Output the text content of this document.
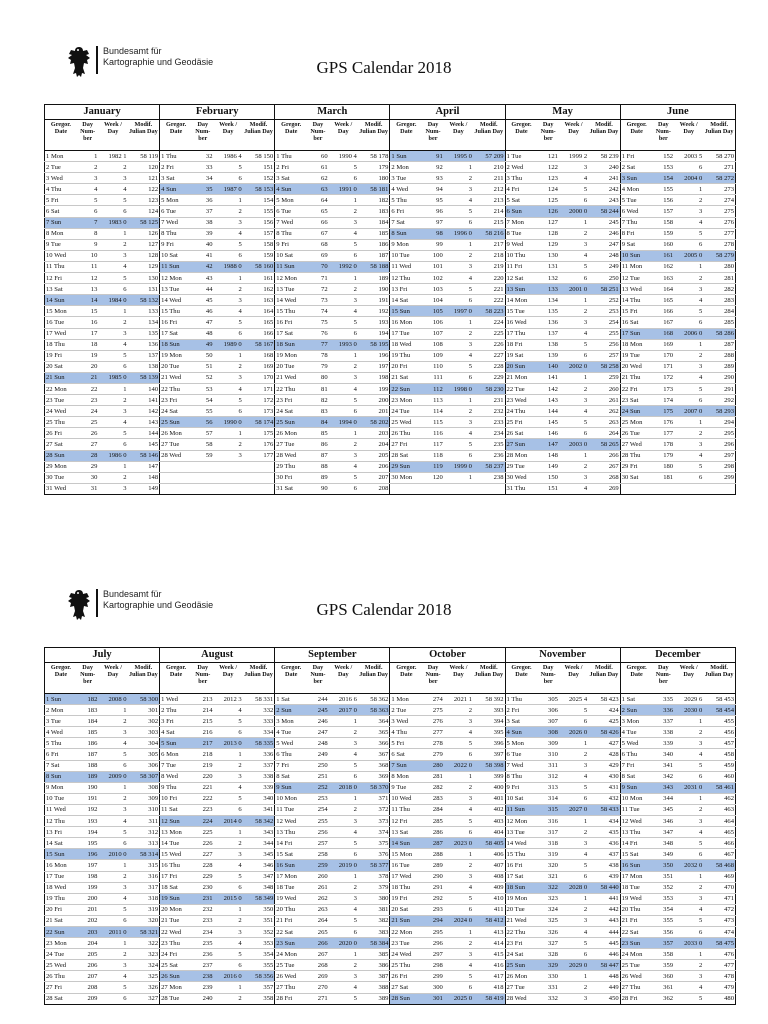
Bundesamt für
Kartographie und Geodäsie	GPS Calendar 2018
January				February				March				April				May				June			
Gregor. Date	Day Num- ber	Week / Day	Modif. Julian Day	Gregor. Date	Day Num- ber	Week / Day	Modif. Julian Day	Gregor. Date	Day Num- ber	Week / Day	Modif. Julian Day	Gregor. Date	Day Num- ber	Week / Day	Modif. Julian Day	Gregor. Date	Day Num- ber	Week / Day	Modif. Julian Day	Gregor. Date	Day Num- ber	Week / Day	Modif. Julian Day
1 Mon	1	1982 1	58 119	1 Thu	32	1986 4	58 150	1 Thu	60	1990 4	58 178	1 Sun	91	1995 0	57 209	1 Tue	121	1999 2	58 239	1 Fri	152	2003 5	58 270
2 Tue	2	2	120	2 Fri	33	5	151	2 Fri	61	5	179	2 Mon	92	1	210	2 Wed	122	3	240	2 Sat	153	6	271
3 Wed	3	3	121	3 Sat	34	6	152	3 Sat	62	6	180	3 Tue	93	2	211	3 Thu	123	4	241	3 Sun	154	2004 0	58 272
4 Thu	4	4	122	4 Sun	35	1987 0	58 153	4 Sun	63	1991 0	58 181	4 Wed	94	3	212	4 Fri	124	5	242	4 Mon	155	1	273
5 Fri	5	5	123	5 Mon	36	1	154	5 Mon	64	1	182	5 Thu	95	4	213	5 Sat	125	6	243	5 Tue	156	2	274
6 Sat	6	6	124	6 Tue	37	2	155	6 Tue	65	2	183	6 Fri	96	5	214	6 Sun	126	2000 0	58 244	6 Wed	157	3	275
7 Sun	7	1983 0	58 125	7 Wed	38	3	156	7 Wed	66	3	184	7 Sat	97	6	215	7 Mon	127	1	245	7 Thu	158	4	276
8 Mon	8	1	126	8 Thu	39	4	157	8 Thu	67	4	185	8 Sun	98	1996 0	58 216	8 Tue	128	2	246	8 Fri	159	5	277
9 Tue	9	2	127	9 Fri	40	5	158	9 Fri	68	5	186	9 Mon	99	1	217	9 Wed	129	3	247	9 Sat	160	6	278
10 Wed	10	3	128	10 Sat	41	6	159	10 Sat	69	6	187	10 Tue	100	2	218	10 Thu	130	4	248	10 Sun	161	2005 0	58 279
11 Thu	11	4	129	11 Sun	42	1988 0	58 160	11 Sun	70	1992 0	58 188	11 Wed	101	3	219	11 Fri	131	5	249	11 Mon	162	1	280
12 Fri	12	5	130	12 Mon	43	1	161	12 Mon	71	1	189	12 Thu	102	4	220	12 Sat	132	6	250	12 Tue	163	2	281
13 Sat	13	6	131	13 Tue	44	2	162	13 Tue	72	2	190	13 Fri	103	5	221	13 Sun	133	2001 0	58 251	13 Wed	164	3	282
14 Sun	14	1984 0	58 132	14 Wed	45	3	163	14 Wed	73	3	191	14 Sat	104	6	222	14 Mon	134	1	252	14 Thu	165	4	283
15 Mon	15	1	133	15 Thu	46	4	164	15 Thu	74	4	192	15 Sun	105	1997 0	58 223	15 Tue	135	2	253	15 Fri	166	5	284
16 Tue	16	2	134	16 Fri	47	5	165	16 Fri	75	5	193	16 Mon	106	1	224	16 Wed	136	3	254	16 Sat	167	6	285
17 Wed	17	3	135	17 Sat	48	6	166	17 Sat	76	6	194	17 Tue	107	2	225	17 Thu	137	4	255	17 Sun	168	2006 0	58 286
18 Thu	18	4	136	18 Sun	49	1989 0	58 167	18 Sun	77	1993 0	58 195	18 Wed	108	3	226	18 Fri	138	5	256	18 Mon	169	1	287
19 Fri	19	5	137	19 Mon	50	1	168	19 Mon	78	1	196	19 Thu	109	4	227	19 Sat	139	6	257	19 Tue	170	2	288
20 Sat	20	6	138	20 Tue	51	2	169	20 Tue	79	2	197	20 Fri	110	5	228	20 Sun	140	2002 0	58 258	20 Wed	171	3	289
21 Sun	21	1985 0	58 139	21 Wed	52	3	170	21 Wed	80	3	198	21 Sat	111	6	229	21 Mon	141	1	259	21 Thu	172	4	290
22 Mon	22	1	140	22 Thu	53	4	171	22 Thu	81	4	199	22 Sun	112	1998 0	58 230	22 Tue	142	2	260	22 Fri	173	5	291
23 Tue	23	2	141	23 Fri	54	5	172	23 Fri	82	5	200	23 Mon	113	1	231	23 Wed	143	3	261	23 Sat	174	6	292
24 Wed	24	3	142	24 Sat	55	6	173	24 Sat	83	6	201	24 Tue	114	2	232	24 Thu	144	4	262	24 Sun	175	2007 0	58 293
25 Thu	25	4	143	25 Sun	56	1990 0	58 174	25 Sun	84	1994 0	58 202	25 Wed	115	3	233	25 Fri	145	5	263	25 Mon	176	1	294
26 Fri	26	5	144	26 Mon	57	1	175	26 Mon	85	1	203	26 Thu	116	4	234	26 Sat	146	6	264	26 Tue	177	2	295
27 Sat	27	6	145	27 Tue	58	2	176	27 Tue	86	2	204	27 Fri	117	5	235	27 Sun	147	2003 0	58 265	27 Wed	178	3	296
28 Sun	28	1986 0	58 146	28 Wed	59	3	177	28 Wed	87	3	205	28 Sat	118	6	236	28 Mon	148	1	266	28 Thu	179	4	297
29 Mon	29	1	147					29 Thu	88	4	206	29 Sun	119	1999 0	58 237	29 Tue	149	2	267	29 Fri	180	5	298
30 Tue	30	2	148					30 Fri	89	5	207	30 Mon	120	1	238	30 Wed	150	3	268	30 Sat	181	6	299
31 Wed	31	3	149					31 Sat	90	6	208					31 Thu	151	4	269				
Bundesamt für
Kartographie und Geodäsie	GPS Calendar 2018
July				August				September				October				November				December			
Gregor. Date	Day Num- ber	Week / Day	Modif. Julian Day	Gregor. Date	Day Num- ber	Week / Day	Modif. Julian Day	Gregor. Date	Day Num- ber	Week / Day	Modif. Julian Day	Gregor. Date	Day Num- ber	Week / Day	Modif. Julian Day	Gregor. Date	Day Num- ber	Week / Day	Modif. Julian Day	Gregor. Date	Day Num- ber	Week / Day	Modif. Julian Day
1 Sun	182	2008 0	58 300	1 Wed	213	2012 3	58 331	1 Sat	244	2016 6	58 362	1 Mon	274	2021 1	58 392	1 Thu	305	2025 4	58 423	1 Sat	335	2029 6	58 453
2 Mon	183	1	301	2 Thu	214	4	332	2 Sun	245	2017 0	58 363	2 Tue	275	2	393	2 Fri	306	5	424	2 Sun	336	2030 0	58 454
3 Tue	184	2	302	3 Fri	215	5	333	3 Mon	246	1	364	3 Wed	276	3	394	3 Sat	307	6	425	3 Mon	337	1	455
4 Wed	185	3	303	4 Sat	216	6	334	4 Tue	247	2	365	4 Thu	277	4	395	4 Sun	308	2026 0	58 426	4 Tue	338	2	456
5 Thu	186	4	304	5 Sun	217	2013 0	58 335	5 Wed	248	3	366	5 Fri	278	5	396	5 Mon	309	1	427	5 Wed	339	3	457
6 Fri	187	5	305	6 Mon	218	1	336	6 Thu	249	4	367	6 Sat	279	6	397	6 Tue	310	2	428	6 Thu	340	4	458
7 Sat	188	6	306	7 Tue	219	2	337	7 Fri	250	5	368	7 Sun	280	2022 0	58 398	7 Wed	311	3	429	7 Fri	341	5	459
8 Sun	189	2009 0	58 307	8 Wed	220	3	338	8 Sat	251	6	369	8 Mon	281	1	399	8 Thu	312	4	430	8 Sat	342	6	460
9 Mon	190	1	308	9 Thu	221	4	339	9 Sun	252	2018 0	58 370	9 Tue	282	2	400	9 Fri	313	5	431	9 Sun	343	2031 0	58 461
10 Tue	191	2	309	10 Fri	222	5	340	10 Mon	253	1	371	10 Wed	283	3	401	10 Sat	314	6	432	10 Mon	344	1	462
11 Wed	192	3	310	11 Sat	223	6	341	11 Tue	254	2	372	11 Thu	284	4	402	11 Sun	315	2027 0	58 433	11 Tue	345	2	463
12 Thu	193	4	311	12 Sun	224	2014 0	58 342	12 Wed	255	3	373	12 Fri	285	5	403	12 Mon	316	1	434	12 Wed	346	3	464
13 Fri	194	5	312	13 Mon	225	1	343	13 Thu	256	4	374	13 Sat	286	6	404	13 Tue	317	2	435	13 Thu	347	4	465
14 Sat	195	6	313	14 Tue	226	2	344	14 Fri	257	5	375	14 Sun	287	2023 0	58 405	14 Wed	318	3	436	14 Fri	348	5	466
15 Sun	196	2010 0	58 314	15 Wed	227	3	345	15 Sat	258	6	376	15 Mon	288	1	406	15 Thu	319	4	437	15 Sat	349	6	467
16 Mon	197	1	315	16 Thu	228	4	346	16 Sun	259	2019 0	58 377	16 Tue	289	2	407	16 Fri	320	5	438	16 Sun	350	2032 0	58 468
17 Tue	198	2	316	17 Fri	229	5	347	17 Mon	260	1	378	17 Wed	290	3	408	17 Sat	321	6	439	17 Mon	351	1	469
18 Wed	199	3	317	18 Sat	230	6	348	18 Tue	261	2	379	18 Thu	291	4	409	18 Sun	322	2028 0	58 440	18 Tue	352	2	470
19 Thu	200	4	318	19 Sun	231	2015 0	58 349	19 Wed	262	3	380	19 Fri	292	5	410	19 Mon	323	1	441	19 Wed	353	3	471
20 Fri	201	5	319	20 Mon	232	1	350	20 Thu	263	4	381	20 Sat	293	6	411	20 Tue	324	2	442	20 Thu	354	4	472
21 Sat	202	6	320	21 Tue	233	2	351	21 Fri	264	5	382	21 Sun	294	2024 0	58 412	21 Wed	325	3	443	21 Fri	355	5	473
22 Sun	203	2011 0	58 321	22 Wed	234	3	352	22 Sat	265	6	383	22 Mon	295	1	413	22 Thu	326	4	444	22 Sat	356	6	474
23 Mon	204	1	322	23 Thu	235	4	353	23 Sun	266	2020 0	58 384	23 Tue	296	2	414	23 Fri	327	5	445	23 Sun	357	2033 0	58 475
24 Tue	205	2	323	24 Fri	236	5	354	24 Mon	267	1	385	24 Wed	297	3	415	24 Sat	328	6	446	24 Mon	358	1	476
25 Wed	206	3	324	25 Sat	237	6	355	25 Tue	268	2	386	25 Thu	298	4	416	25 Sun	329	2029 0	58 447	25 Tue	359	2	477
26 Thu	207	4	325	26 Sun	238	2016 0	58 356	26 Wed	269	3	387	26 Fri	299	5	417	26 Mon	330	1	448	26 Wed	360	3	478
27 Fri	208	5	326	27 Mon	239	1	357	27 Thu	270	4	388	27 Sat	300	6	418	27 Tue	331	2	449	27 Thu	361	4	479
28 Sat	209	6	327	28 Tue	240	2	358	28 Fri	271	5	389	28 Sun	301	2025 0	58 419	28 Wed	332	3	450	28 Fri	362	5	480
